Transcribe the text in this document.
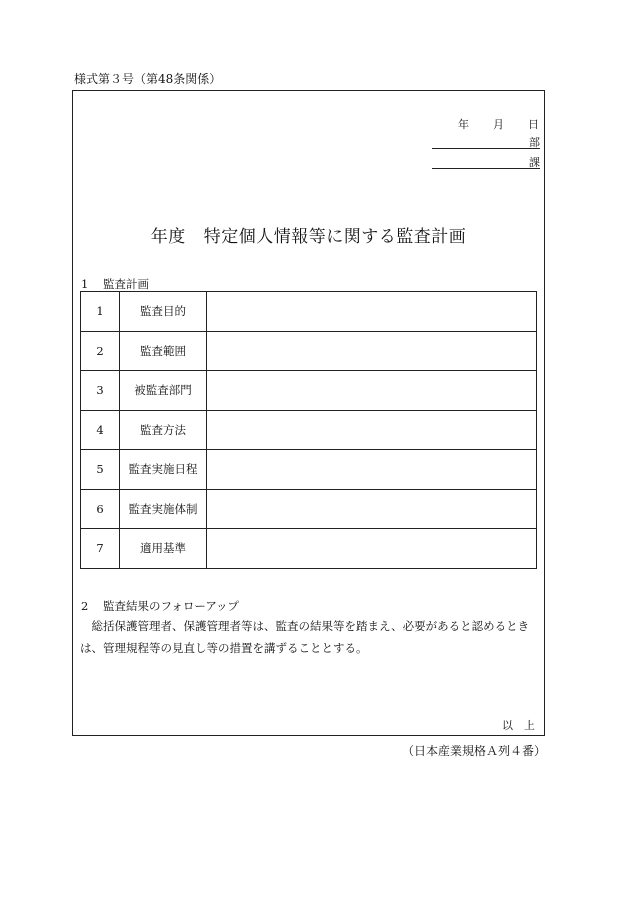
様式第３号（第48条関係）
年 月 日
部
課
年度 特定個人情報等に関する監査計画
1 監査計画
1	監査目的	
2	監査範囲	
3	被監査部門	
4	監査方法	
5	監査実施日程	
6	監査実施体制	
7	適用基準	
2 監査結果のフォローアップ
　総括保護管理者、保護管理者等は、監査の結果等を踏まえ、必要があると認めるときは、管理規程等の見直し等の措置を講ずることとする。
以　上
（日本産業規格Ａ列４番）
